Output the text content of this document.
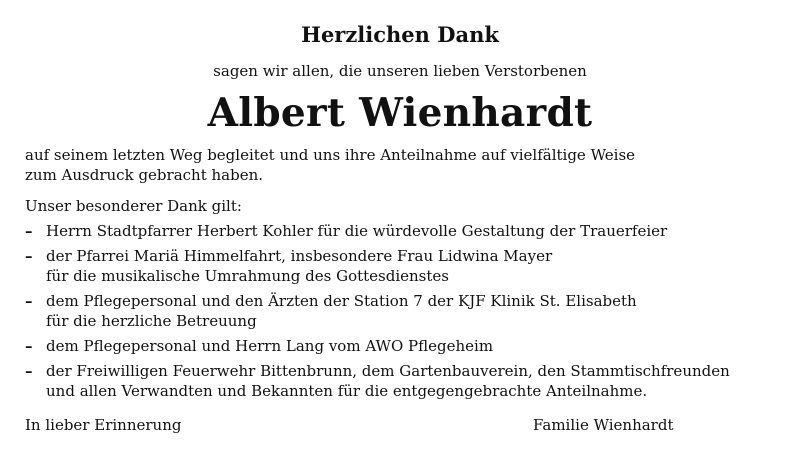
Herzlichen Dank
sagen wir allen, die unseren lieben Verstorbenen
Albert Wienhardt
auf seinem letzten Weg begleitet und uns ihre Anteilnahme auf vielfältige Weise
zum Ausdruck gebracht haben.
Unser besonderer Dank gilt:
– Herrn Stadtpfarrer Herbert Kohler für die würdevolle Gestaltung der Trauerfeier
– der Pfarrei Mariä Himmelfahrt, insbesondere Frau Lidwina Mayer
für die musikalische Umrahmung des Gottesdienstes
– dem Pflegepersonal und den Ärzten der Station 7 der KJF Klinik St. Elisabeth
für die herzliche Betreuung
– dem Pflegepersonal und Herrn Lang vom AWO Pflegeheim
– der Freiwilligen Feuerwehr Bittenbrunn, dem Gartenbauverein, den Stammtischfreunden
und allen Verwandten und Bekannten für die entgegengebrachte Anteilnahme.
In lieber Erinnerung	Familie Wienhardt
